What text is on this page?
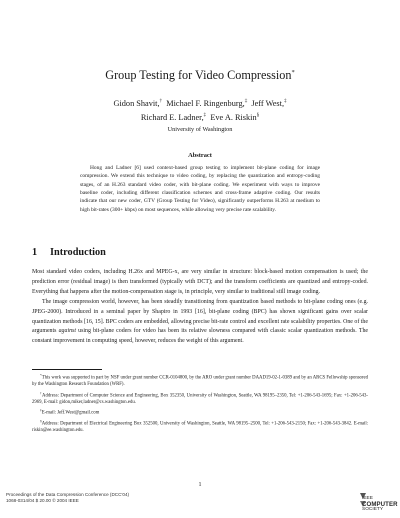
Group Testing for Video Compression*
Gidon Shavit,† Michael F. Ringenburg,‡ Jeff West,‡
Richard E. Ladner,‡ Eve A. Riskin§
University of Washington
Abstract
Hong and Ladner [6] used context-based group testing to implement bit-plane coding for image compression. We extend this technique to video coding, by replacing the quantization and entropy-coding stages, of an H.263 standard video coder, with bit-plane coding. We experiment with ways to improve baseline coder, including different classification schemes and cross-frame adaptive coding. Our results indicate that our new coder, GTV (Group Testing for Video), significantly outperforms H.263 at medium to high bit-rates (300+ kbps) on most sequences, while allowing very precise rate scalability.
1 Introduction

Most standard video coders, including H.26x and MPEG-x, are very similar in structure: block-based motion compensation is used; the prediction error (residual image) is then transformed (typically with DCT); and the transform coefficients are quantized and entropy-coded. Everything that happens after the motion-compensation stage is, in principle, very similar to traditional still image coding.

The image compression world, however, has been steadily transitioning from quantization based methods to bit-plane coding ones (e.g. JPEG-2000). Introduced in a seminal paper by Shapiro in 1993 [16], bit-plane coding (BPC) has shown significant gains over scalar quantization methods [16, 15]. BPC coders are embedded, allowing precise bit-rate control and excellent rate scalability properties. One of the arguments against using bit-plane coders for video has been its relative slowness compared with classic scalar quantization methods. The constant improvement in computing speed, however, reduces the weight of this argument.

*This work was supported in part by NSF under grant number CCR-0104800, by the ARO under grant number DAAD19-02-1-0389 and by an ARCS Fellowship sponsored by the Washington Research Foundation (WRF).

†Address: Department of Computer Science and Engineering, Box 352350, University of Washington, Seattle, WA 98195–2350, Tel: +1-206-543-1695; Fax: +1-206-543-2969, E-mail: gidon,miker,ladner@cs.washington.edu.

‡E-mail: Jeff.West@gmail.com

§Address: Department of Electrical Engineering Box 352500, University of Washington, Seattle, WA 98195–2500, Tel: +1-206-543-2150; Fax: +1-206-543-3842. E-mail: riskin@ee.washington.edu.

1
Proceedings of the Data Compression Conference (DCC’04)
1068-0314/04 $ 20.00 © 2004 IEEE	IEEE
COMPUTER
SOCIETY
